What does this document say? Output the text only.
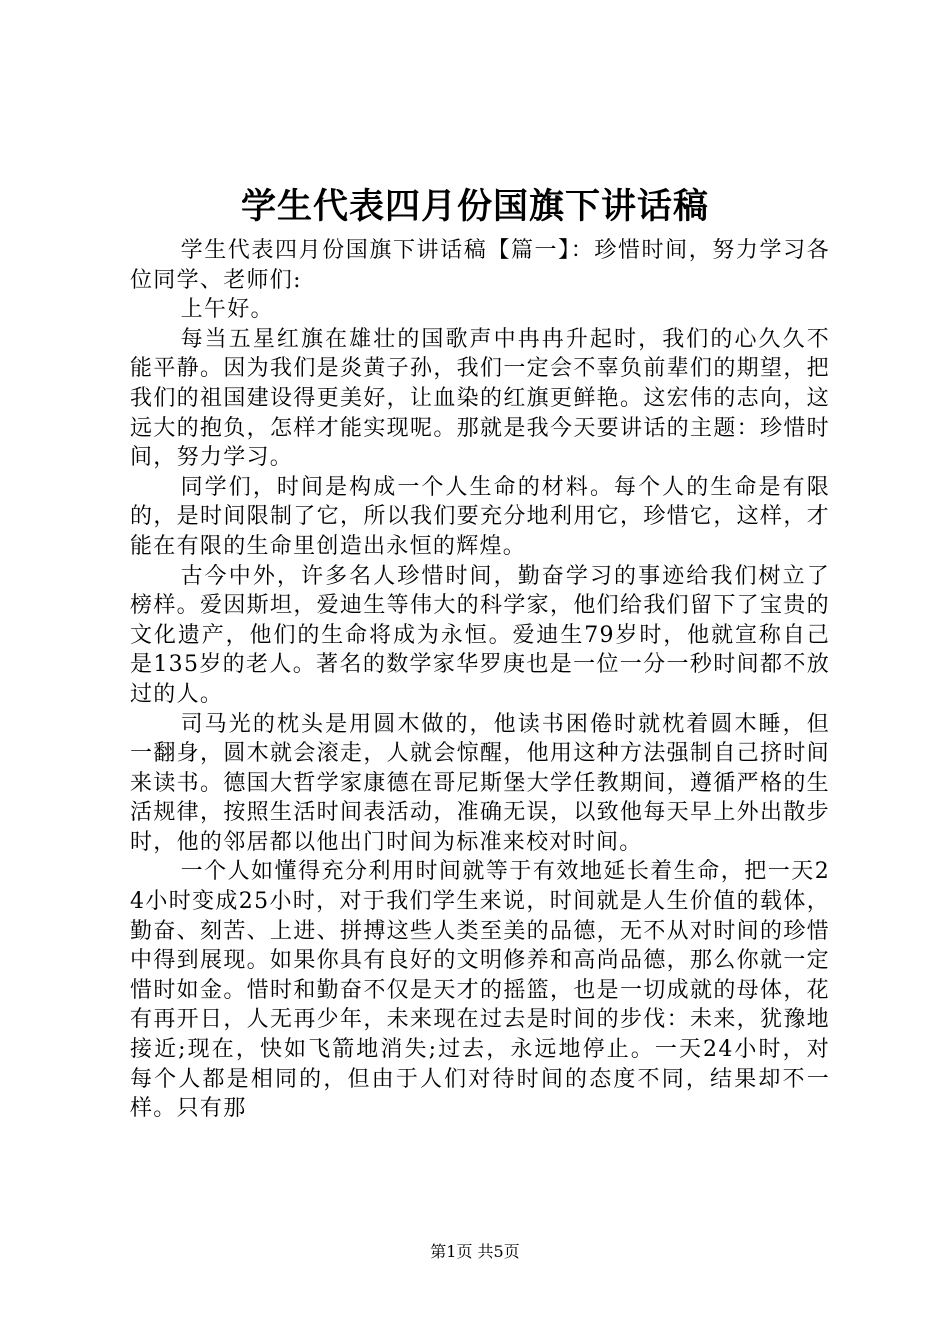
学生代表四月份国旗下讲话稿

学生代表四月份国旗下讲话稿【篇一】：珍惜时间，努力学习各位同学、老师们:

上午好。

每当五星红旗在雄壮的国歌声中冉冉升起时，我们的心久久不能平静。因为我们是炎黄子孙，我们一定会不辜负前辈们的期望，把我们的祖国建设得更美好，让血染的红旗更鲜艳。这宏伟的志向，这远大的抱负，怎样才能实现呢。那就是我今天要讲话的主题：珍惜时间，努力学习。

同学们，时间是构成一个人生命的材料。每个人的生命是有限的，是时间限制了它，所以我们要充分地利用它，珍惜它，这样，才能在有限的生命里创造出永恒的辉煌。

古今中外，许多名人珍惜时间，勤奋学习的事迹给我们树立了榜样。爱因斯坦，爱迪生等伟大的科学家，他们给我们留下了宝贵的文化遗产，他们的生命将成为永恒。爱迪生79岁时，他就宣称自己是135岁的老人。著名的数学家华罗庚也是一位一分一秒时间都不放过的人。

司马光的枕头是用圆木做的，他读书困倦时就枕着圆木睡，但一翻身，圆木就会滚走，人就会惊醒，他用这种方法强制自己挤时间来读书。德国大哲学家康德在哥尼斯堡大学任教期间，遵循严格的生活规律，按照生活时间表活动，准确无误，以致他每天早上外出散步时，他的邻居都以他出门时间为标准来校对时间。

一个人如懂得充分利用时间就等于有效地延长着生命，把一天24小时变成25小时，对于我们学生来说，时间就是人生价值的载体，勤奋、刻苦、上进、拼搏这些人类至美的品德，无不从对时间的珍惜中得到展现。如果你具有良好的文明修养和高尚品德，那么你就一定惜时如金。惜时和勤奋不仅是天才的摇篮，也是一切成就的母体，花有再开日，人无再少年，未来现在过去是时间的步伐：未来，犹豫地接近;现在，快如飞箭地消失;过去，永远地停止。一天24小时，对每个人都是相同的，但由于人们对待时间的态度不同，结果却不一样。只有那

第1页 共5页
